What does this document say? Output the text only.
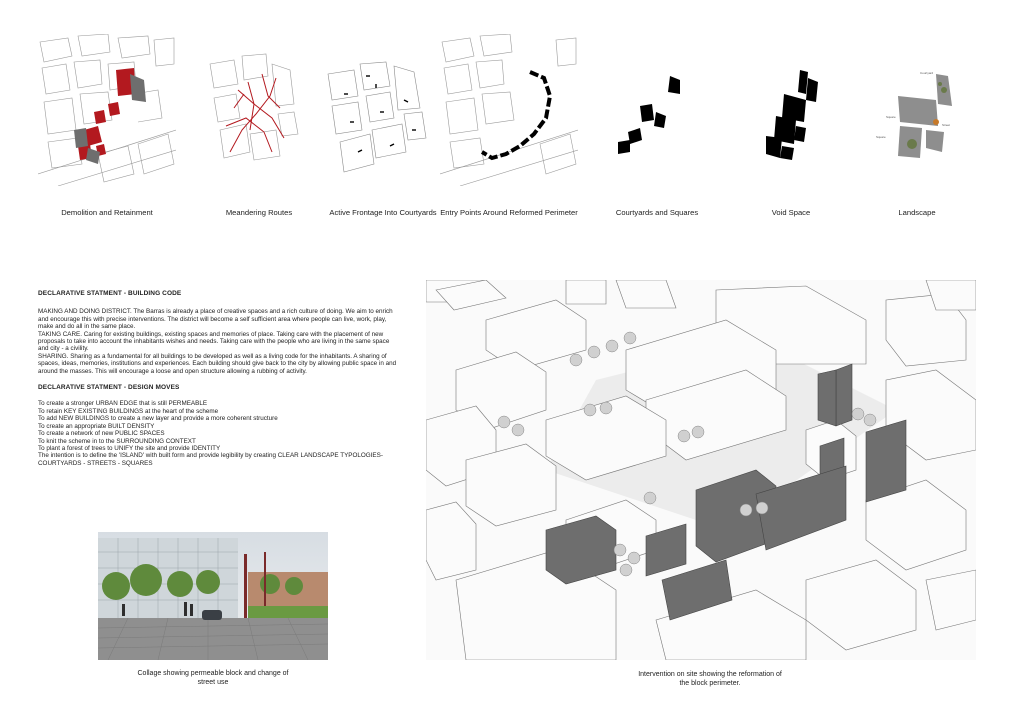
Demolition and Retainment	Meandering Routes	Active Frontage Into Courtyards Entry Points Around Reformed Perimeter	Courtyards and Squares	Void Space
Courtyard
Square
Street
Square
Landscape
DECLARATIVE STATMENT - BUILDING CODE

MAKING AND DOING DISTRICT. The Barras is already a place of creative spaces and a rich culture of doing. We aim to enrich and encourage this with precise interventions. The district will become a self sufficient area where people can live, work, play, make and do all in the same place.

TAKING CARE. Caring for existing buildings, existing spaces and memories of place. Taking care with the placement of new proposals to take into account the inhabitants wishes and needs. Taking care with the people who are living in the same space and city - a civility.

SHARING. Sharing as a fundamental for all buildings to be developed as well as a living code for the inhabitants. A sharing of spaces, ideas, memories, institutions and experiences. Each building should give back to the city by allowing public space in and around the masses. This will encourage a loose and open structure allowing a rubbing of activity.

DECLARATIVE STATMENT - DESIGN MOVES

To create a stronger URBAN EDGE that is still PERMEABLE

To retain KEY EXISTING BUILDINGS at the heart of the scheme

To add NEW BUILDINGS to create a new layer and provide a more coherent structure

To create an appropriate BUILT DENSITY

To create a network of new PUBLIC SPACES

To knit the scheme in to the SURROUNDING CONTEXT

To plant a forest of trees to UNIFY the site and provide IDENTITY

The intention is to define the 'ISLAND' with built form and provide legibility by creating CLEAR LANDSCAPE TYPOLOGIES- COURTYARDS - STREETS - SQUARES

Collage showing permeable block and change of
street use
Intervention on site showing the reformation of
the block perimeter.
